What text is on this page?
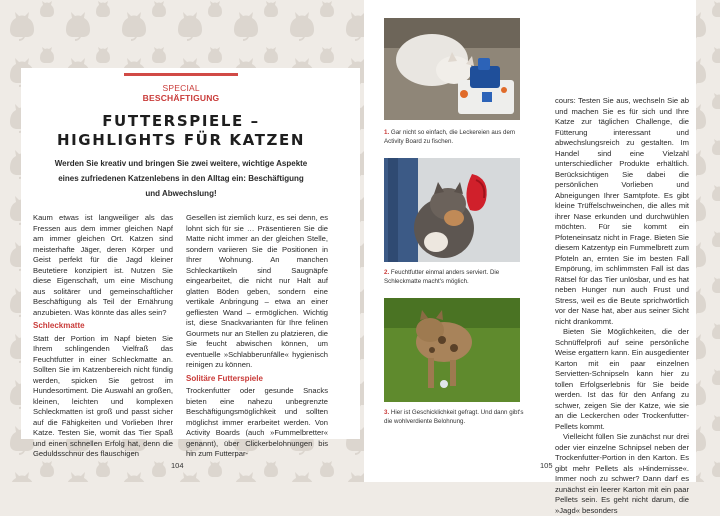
SPECIAL BESCHÄFTIGUNG
FUTTERSPIELE –
HIGHLIGHTS FÜR KATZEN
Werden Sie kreativ und bringen Sie zwei weitere, wichtige Aspekte eines zufriedenen Katzenlebens in den Alltag ein: Beschäftigung und Abwechslung!

Kaum etwas ist langweiliger als das Fressen aus dem immer gleichen Napf am immer gleichen Ort. Katzen sind meisterhafte Jäger, deren Körper und Geist perfekt für die Jagd kleiner Beutetiere konzipiert ist. Nutzen Sie diese Eigenschaft, um eine Mischung aus solitärer und gemeinschaftlicher Beschäftigung als Teil der Ernährung anzubieten. Was könnte das alles sein?

Schleckmatte

Statt der Portion im Napf bieten Sie Ihrem schlingenden Vielfraß das Feuchtfutter in einer Schleckmatte an. Sollten Sie im Katzenbereich nicht fündig werden, spicken Sie getrost im Hundesortiment. Die Auswahl an großen, kleinen, leichten und komplexen Schleckmatten ist groß und passt sicher auf die Fähigkeiten und Vorlieben Ihrer Katze. Testen Sie, womit das Tier Spaß und einen schnellen Erfolg hat, denn die Geduldsschnur des flauschigen

Gesellen ist ziemlich kurz, es sei denn, es lohnt sich für sie … Präsentieren Sie die Matte nicht immer an der gleichen Stelle, sondern variieren Sie die Positionen in Ihrer Wohnung. An manchen Schleckartikeln sind Saugnäpfe eingearbeitet, die nicht nur Halt auf glatten Böden geben, sondern eine vertikale Anbringung – etwa an einer gefliesten Wand – ermöglichen. Wichtig ist, diese Snackvarianten für Ihre felinen Gourmets nur an Stellen zu platzieren, die Sie feucht abwischen können, um eventuelle »Schlabberunfälle« hygienisch reinigen zu können.

Solitäre Futterspiele

Trockenfutter oder gesunde Snacks bieten eine nahezu unbegrenzte Beschäftigungsmöglichkeit und sollten möglichst immer erarbeitet werden. Von Activity Boards (auch »Fummelbretter« genannt), über Clickerbelohnungen bis hin zum Futterpar-

1. Gar nicht so einfach, die Leckereien aus dem Activity Board zu fischen.
2. Feuchtfutter einmal anders serviert. Die Schleckmatte macht's möglich.
3. Hier ist Geschicklichkeit gefragt. Und dann gibt's die wohlverdiente Belohnung.

cours: Testen Sie aus, wechseln Sie ab und machen Sie es für sich und Ihre Katze zur täglichen Challenge, die Fütterung interessant und abwechslungsreich zu gestalten. Im Handel sind eine Vielzahl unterschiedlicher Produkte erhältlich. Berücksichtigen Sie dabei die persönlichen Vorlieben und Abneigungen Ihrer Samtpfote. Es gibt kleine Trüffelschweinchen, die alles mit ihrer Nase erkunden und durchwühlen möchten. Für sie kommt ein Pfoteneinsatz nicht in Frage. Bieten Sie diesem Katzentyp ein Fummelbrett zum Pfoteln an, ernten Sie im besten Fall Empörung, im schlimmsten Fall ist das Rätsel für das Tier unlösbar, und es hat neben Hunger nun auch Frust und Stress, weil es die Beute sprichwörtlich vor der Nase hat, aber aus seiner Sicht nicht drankommt.

Bieten Sie Möglichkeiten, die der Schnüffelprofi auf seine persönliche Weise ergattern kann. Ein ausgedienter Karton mit ein paar einzelnen Servietten-Schnipseln kann hier zu tollen Erfolgserlebnis für Sie beide werden. Ist das für den Anfang zu schwer, zeigen Sie der Katze, wie sie an die Leckerchen oder Trockenfutter-Pellets kommt.

Vielleicht füllen Sie zunächst nur drei oder vier einzelne Schnipsel neben der Trockenfutter-Portion in den Karton. Es gibt mehr Pellets als »Hindernisse«. Immer noch zu schwer? Dann darf es zunächst ein leerer Karton mit ein paar Pellets sein. Es geht nicht darum, die »Jagd« besonders

104	105
